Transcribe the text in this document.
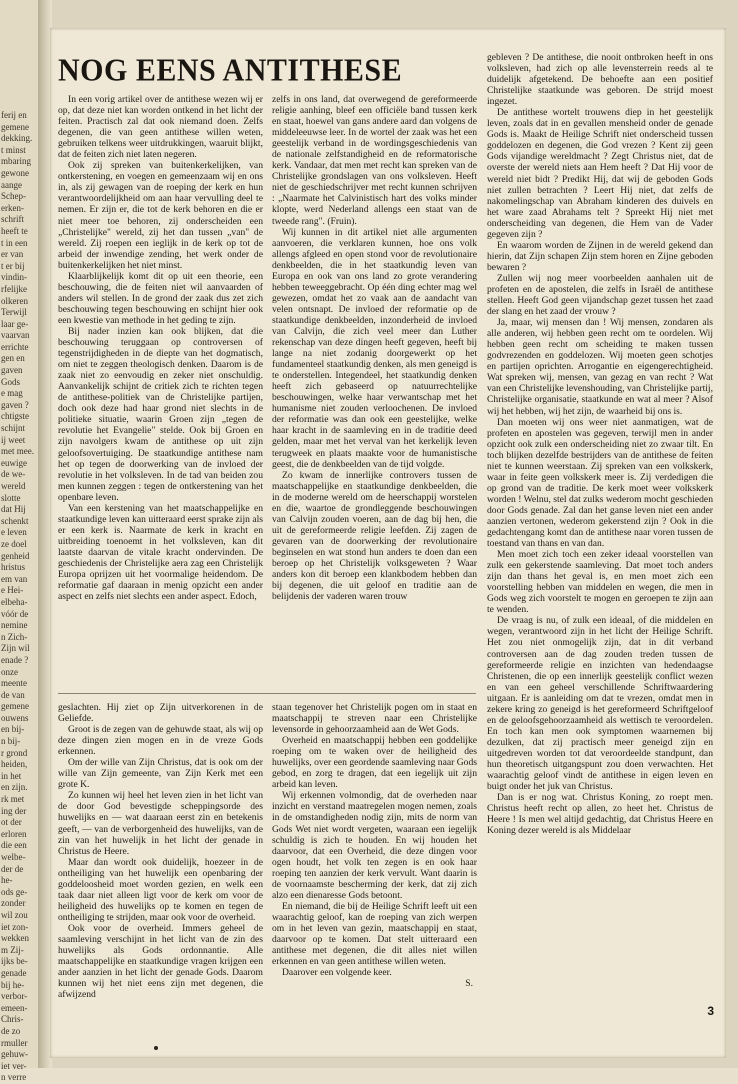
ferij en

gemene

dekking.

t minst

mbaring

gewone

aange

Schep-

erken-

schrift

heeft te

t in een

er van

t er bij

vindin-

rfelijke

olkeren

Terwijl

laar ge-

vaarvan

errichte

gen en

gaven

Gods

e mag

gaven ?

chtigste

schijnt

ij weet

met mee.

euwige

de we-

wereld

slotte

dat Hij

schenkt

e leven

ze doel

genheid

hristus

em van

e Hei-

elbeha-

vóór de

nemine

n Zich-

Zijn wil

enade ?

onze

meente

de van

gemene

ouwens

en bij-

n bij-

r grond

heiden,

in het

en zijn.

rk met

ing der

ot der

erloren

die een

welbe-

der de

he-

ods ge-

zonder

wil zou

iet zon-

wekken

m Zij-

ijks be-

genade

bij he-

verbor-

emeen-

Chris-

de zo

rmuller

gehuw-

iet ver-

n verre

NOG EENS ANTITHESE

In een vorig artikel over de antithese wezen wij er op, dat deze niet kan worden ontkend in het licht der feiten. Practisch zal dat ook niemand doen. Zelfs degenen, die van geen antithese willen weten, gebruiken telkens weer uitdrukkingen, waaruit blijkt, dat de feiten zich niet laten negeren.

Ook zij spreken van buitenkerkelijken, van ontkerstening, en voegen en gemeenzaam wij en ons in, als zij gewagen van de roeping der kerk en hun verantwoordelijkheid om aan haar vervulling deel te nemen. Er zijn er, die tot de kerk behoren en die er niet meer toe behoren, zij onderscheiden een „Christelijke" wereld, zij het dan tussen „van" de wereld. Zij roepen een ieglijk in de kerk op tot de arbeid der inwendige zending, het werk onder de buitenkerkelijken het niet minst.

Klaarblijkelijk komt dit op uit een theorie, een beschouwing, die de feiten niet wil aanvaarden of anders wil stellen. In de grond der zaak dus zet zich beschouwing tegen beschouwing en schijnt hier ook een kwestie van methode in het geding te zijn.

Bij nader inzien kan ook blijken, dat die beschouwing teruggaan op controversen of tegenstrijdigheden in de diepte van het dogmatisch, om niet te zeggen theologisch denken. Daarom is de zaak niet zo eenvoudig en zeker niet onschuldig. Aanvankelijk schijnt de critiek zich te richten tegen de antithese-politiek van de Christelijke partijen, doch ook deze had haar grond niet slechts in de politieke situatie, waarin Groen zijn „tegen de revolutie het Evangelie" stelde. Ook bij Groen en zijn navolgers kwam de antithese op uit zijn geloofsovertuiging. De staatkundige antithese nam het op tegen de doorwerking van de invloed der revolutie in het volksleven. In de tad van beiden zou men kunnen zeggen : tegen de ontkerstening van het openbare leven.

Van een kerstening van het maatschappelijke en staatkundige leven kan uitteraard eerst sprake zijn als er een kerk is. Naarmate de kerk in kracht en uitbreiding toenoemt in het volksleven, kan dit laatste daarvan de vitale kracht ondervinden. De geschiedenis der Christelijke aera zag een Christelijk Europa oprijzen uit het voormalige heidendom. De reformatie gaf daaraan in menig opzicht een ander aspect en zelfs niet slechts een ander aspect. Edoch,

zelfs in ons land, dat overwegend de gereformeerde religie aanhing, bleef een officiële band tussen kerk en staat, hoewel van gans andere aard dan volgens de middeleeuwse leer. In de wortel der zaak was het een geestelijk verband in de wordingsgeschiedenis van de nationale zelfstandigheid en de reformatorische kerk. Vandaar, dat men met recht kan spreken van de Christelijke grondslagen van ons volksleven. Heeft niet de geschiedschrijver met recht kunnen schrijven : „Naarmate het Calvinistisch hart des volks minder klopte, werd Nederland allengs een staat van de tweede rang". (Fruin).

Wij kunnen in dit artikel niet alle argumenten aanvoeren, die verklaren kunnen, hoe ons volk allengs afgleed en open stond voor de revolutionaire denkbeelden, die in het staatkundig leven van Europa en ook van ons land zo grote verandering hebben teweeggebracht. Op één ding echter mag wel gewezen, omdat het zo vaak aan de aandacht van velen ontsnapt. De invloed der reformatie op de staatkundige denkbeelden, inzonderheid de invloed van Calvijn, die zich veel meer dan Luther rekenschap van deze dingen heeft gegeven, heeft bij lange na niet zodanig doorgewerkt op het fundamenteel staatkundig denken, als men geneigd is te onderstellen. Integendeel, het staatkundig denken heeft zich gebaseerd op natuurrechtelijke beschouwingen, welke haar verwantschap met het humanisme niet zouden verloochenen. De invloed der reformatie was dan ook een geestelijke, welke haar kracht in de saamleving en in de traditie deed gelden, maar met het verval van het kerkelijk leven terugweek en plaats maakte voor de humanistische geest, die de denkbeelden van de tijd volgde.

Zo kwam de innerlijke controvers tussen de maatschappelijke en staatkundige denkbeelden, die in de moderne wereld om de heerschappij worstelen en die, waartoe de grondleggende beschouwingen van Calvijn zouden voeren, aan de dag bij hen, die uit de gereformeerde religie leefden. Zij zagen de gevaren van de doorwerking der revolutionaire beginselen en wat stond hun anders te doen dan een beroep op het Christelijk volksgeweten ? Waar anders kon dit beroep een klankbodem hebben dan bij degenen, die uit geloof en traditie aan de belijdenis der vaderen waren trouw

gebleven ? De antithese, die nooit ontbroken heeft in ons volksleven, had zich op alle levensterrein reeds al te duidelijk afgetekend. De behoefte aan een positief Christelijke staatkunde was geboren. De strijd moest ingezet.

De antithese wortelt trouwens diep in het geestelijk leven, zoals dat in en gevallen mensheid onder de genade Gods is. Maakt de Heilige Schrift niet onderscheid tussen goddelozen en degenen, die God vrezen ? Kent zij geen Gods vijandige wereldmacht ? Zegt Christus niet, dat de overste der wereld niets aan Hem heeft ? Dat Hij voor de wereld niet bidt ? Predikt Hij, dat wij de geboden Gods niet zullen betrachten ? Leert Hij niet, dat zelfs de nakomelingschap van Abraham kinderen des duivels en het ware zaad Abrahams telt ? Spreekt Hij niet met onderscheiding van degenen, die Hem van de Vader gegeven zijn ?

En waarom worden de Zijnen in de wereld gekend dan hierin, dat Zijn schapen Zijn stem horen en Zijne geboden bewaren ?

Zullen wij nog meer voorbeelden aanhalen uit de profeten en de apostelen, die zelfs in Israël de antithese stellen. Heeft God geen vijandschap gezet tussen het zaad der slang en het zaad der vrouw ?

Ja, maar, wij mensen dan ! Wij mensen, zondaren als alle anderen, wij hebben geen recht om te oordelen. Wij hebben geen recht om scheiding te maken tussen godvrezenden en goddelozen. Wij moeten geen schotjes en partijen oprichten. Arrogantie en eigengerechtigheid. Wat spreken wij, mensen, van gezag en van recht ? Wat van een Christelijke levenshouding, van Christelijke partij, Christelijke organisatie, staatkunde en wat al meer ? Alsof wij het hebben, wij het zijn, de waarheid bij ons is.

Dan moeten wij ons weer niet aanmatigen, wat de profeten en apostelen was gegeven, terwijl men in ander opzicht ook zulk een onderscheiding niet zo zwaar tilt. En toch blijken dezelfde bestrijders van de antithese de feiten niet te kunnen weerstaan. Zij spreken van een volkskerk, waar in feite geen volkskerk meer is. Zij verdedigen die op grond van de traditie. De kerk moet weer volkskerk worden ! Welnu, stel dat zulks wederom mocht geschieden door Gods genade. Zal dan het ganse leven niet een ander aanzien vertonen, wederom gekerstend zijn ? Ook in die gedachtengang komt dan de antithese naar voren tussen de toestand van thans en van dan.

Men moet zich toch een zeker ideaal voorstellen van zulk een gekerstende saamleving. Dat moet toch anders zijn dan thans het geval is, en men moet zich een voorstelling hebben van middelen en wegen, die men in Gods weg zich voorstelt te mogen en geroepen te zijn aan te wenden.

De vraag is nu, of zulk een ideaal, of die middelen en wegen, verantwoord zijn in het licht der Heilige Schrift. Het zou niet onmogelijk zijn, dat in dit verband controversen aan de dag zouden treden tussen de gereformeerde religie en inzichten van hedendaagse Christenen, die op een innerlijk geestelijk conflict wezen en van een geheel verschillende Schriftwaardering uitgaan. Er is aanleiding om dat te vrezen, omdat men in zekere kring zo geneigd is het gereformeerd Schriftgeloof en de geloofsgehoorzaamheid als wettisch te veroordelen. En toch kan men ook symptomen waarnemen bij dezulken, dat zij practisch meer geneigd zijn en uitgedreven worden tot dat veroordeelde standpunt, dan hun theoretisch uitgangspunt zou doen verwachten. Het waarachtig geloof vindt de antithese in eigen leven en buigt onder het juk van Christus.

Dan is er nog wat. Christus Koning, zo roept men. Christus heeft recht op allen, zo heet het. Christus de Heere ! Is men wel altijd gedachtig, dat Christus Heere en Koning dezer wereld is als Middelaar

geslachten. Hij ziet op Zijn uitverkorenen in de Geliefde.

Groot is de zegen van de gehuwde staat, als wij op deze dingen zien mogen en in de vreze Gods erkennen.

Om der wille van Zijn Christus, dat is ook om der wille van Zijn gemeente, van Zijn Kerk met een grote K.

Zo kunnen wij heel het leven zien in het licht van de door God bevestigde scheppingsorde des huwelijks en — wat daaraan eerst zin en betekenis geeft, — van de verborgenheid des huwelijks, van de zin van het huwelijk in het licht der genade in Christus de Heere.

Maar dan wordt ook duidelijk, hoezeer in de ontheiliging van het huwelijk een openbaring der goddeloosheid moet worden gezien, en welk een taak daar niet alleen ligt voor de kerk om voor de heiligheid des huwelijks op te komen en tegen de ontheiliging te strijden, maar ook voor de overheid.

Ook voor de overheid. Immers geheel de saamleving verschijnt in het licht van de zin des huwelijks als Gods ordonnantie. Alle maatschappelijke en staatkundige vragen krijgen een ander aanzien in het licht der genade Gods. Daarom kunnen wij het niet eens zijn met degenen, die afwijzend

staan tegenover het Christelijk pogen om in staat en maatschappij te streven naar een Christelijke levensorde in gehoorzaamheid aan de Wet Gods.

Overheid en maatschappij hebben een goddelijke roeping om te waken over de heiligheid des huwelijks, over een geordende saamleving naar Gods gebod, en zorg te dragen, dat een iegelijk uit zijn arbeid kan leven.

Wij erkennen volmondig, dat de overheden naar inzicht en verstand maatregelen mogen nemen, zoals in de omstandigheden nodig zijn, mits de norm van Gods Wet niet wordt vergeten, waaraan een iegelijk schuldig is zich te houden. En wij houden het daarvoor, dat een Overheid, die deze dingen voor ogen houdt, het volk ten zegen is en ook haar roeping ten aanzien der kerk vervult. Want daarin is de voornaamste bescherming der kerk, dat zij zich alzo een dienaresse Gods betoont.

En niemand, die bij de Heilige Schrift leeft uit een waarachtig geloof, kan de roeping van zich werpen om in het leven van gezin, maatschappij en staat, daarvoor op te komen. Dat stelt uitteraard een antithese met degenen, die dit alles niet willen erkennen en van geen antithese willen weten.

Daarover een volgende keer.

S.

3
